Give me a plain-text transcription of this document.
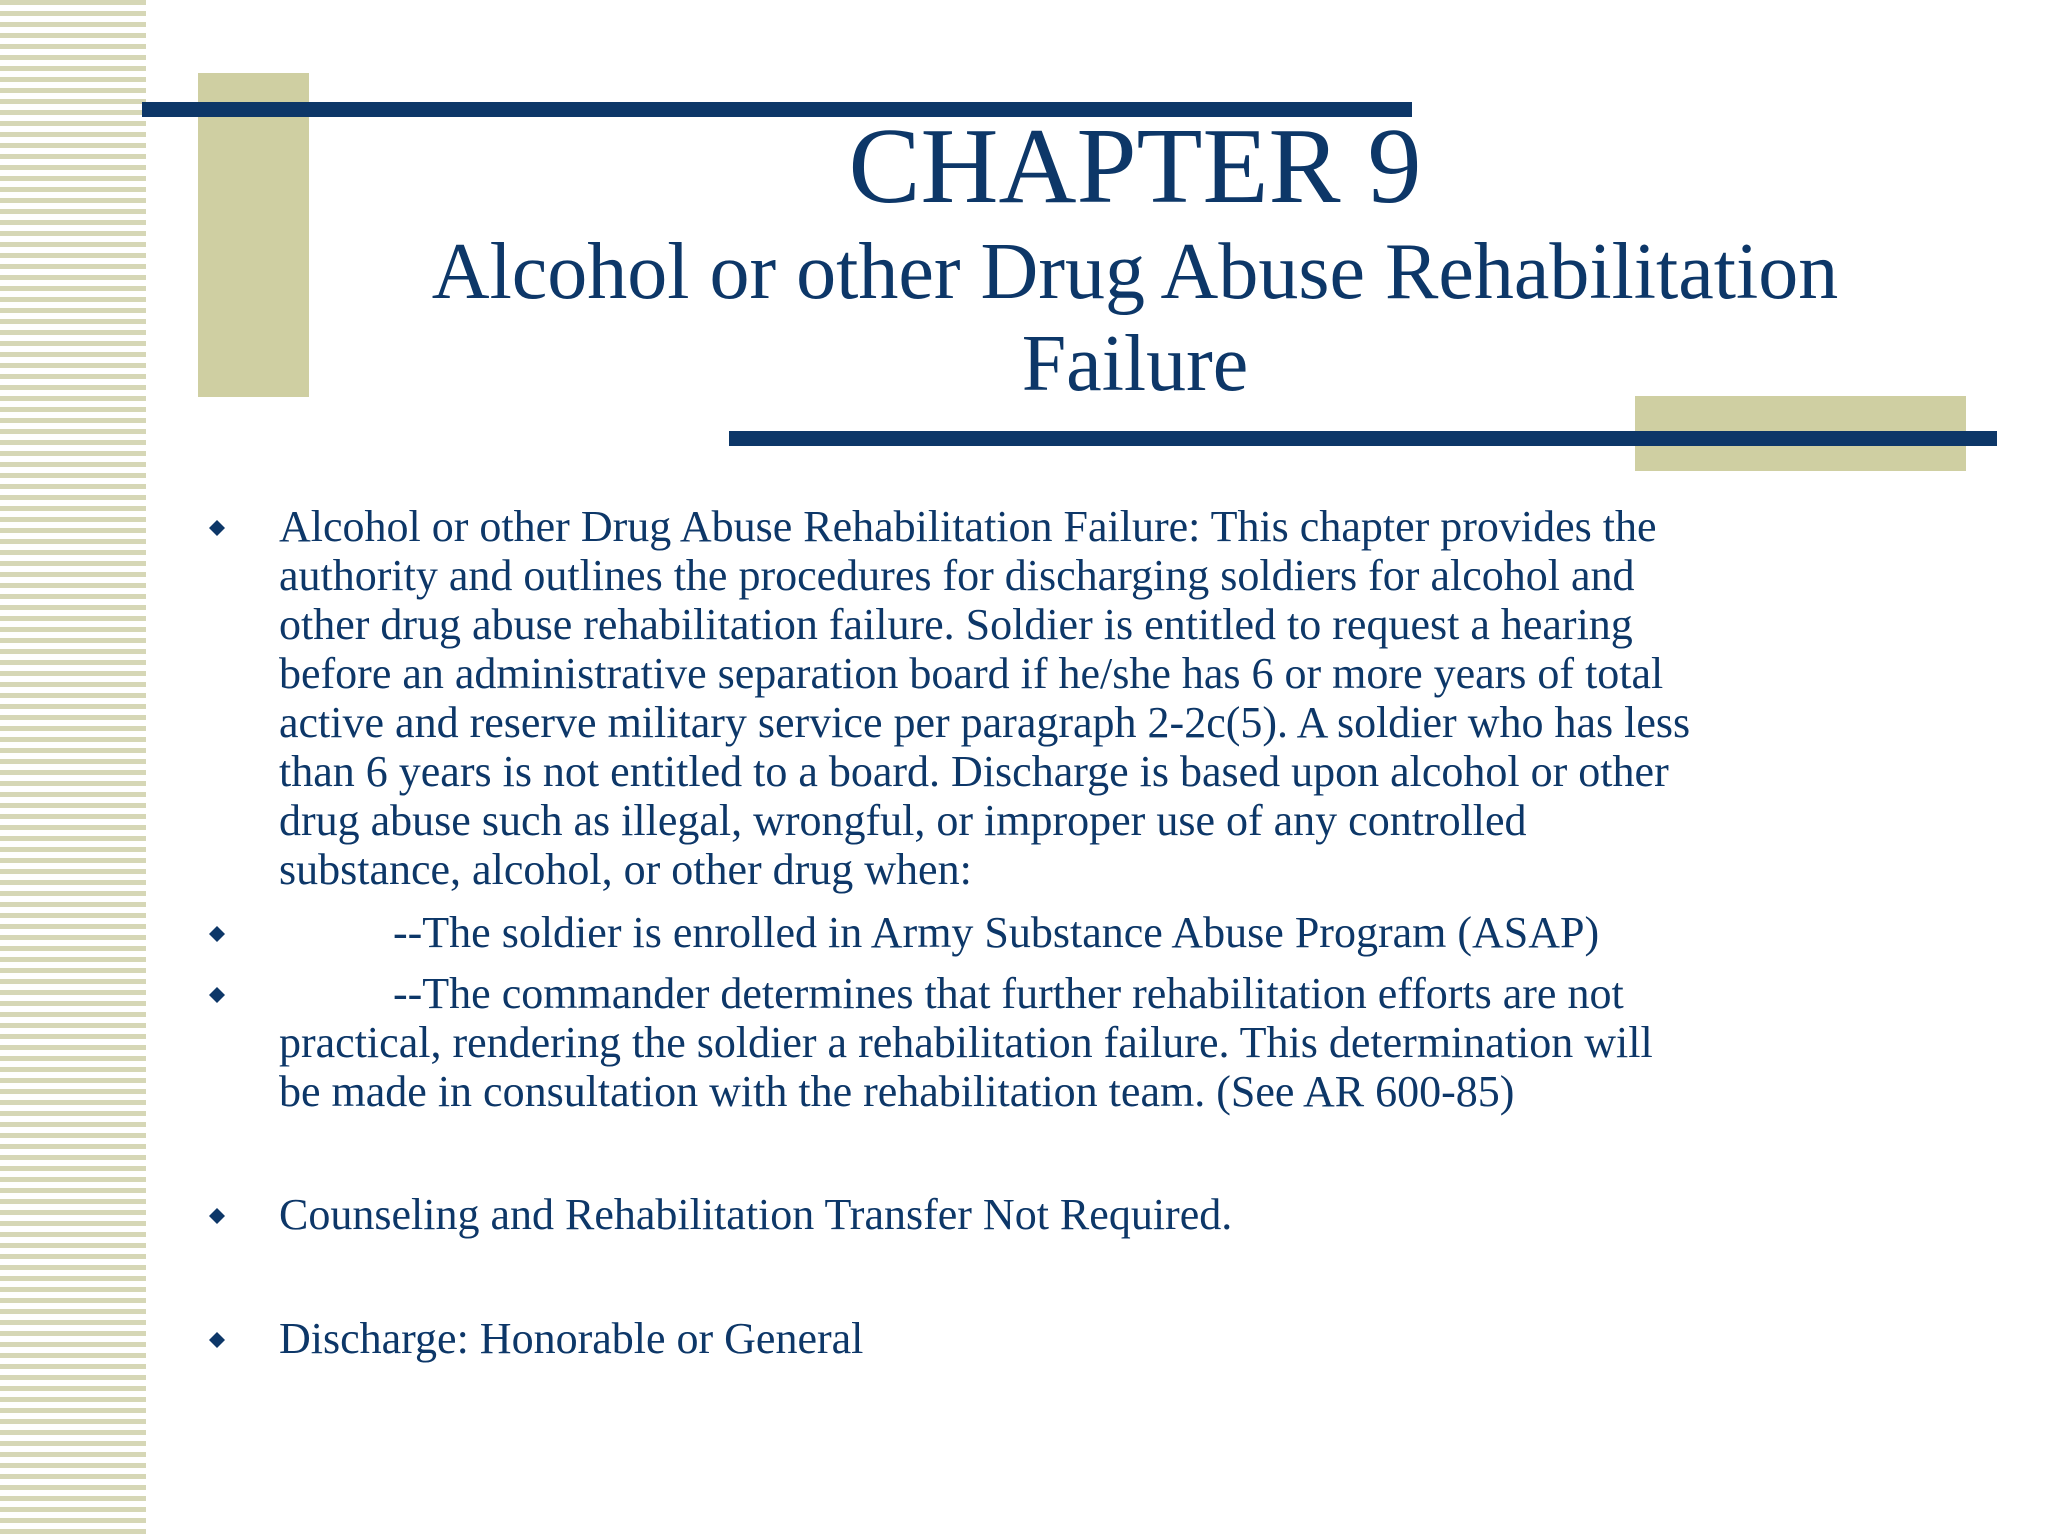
CHAPTER 9
Alcohol or other Drug Abuse Rehabilitation
Failure
Alcohol or other Drug Abuse Rehabilitation Failure: This chapter provides the
authority and outlines the procedures for discharging soldiers for alcohol and
other drug abuse rehabilitation failure. Soldier is entitled to request a hearing
before an administrative separation board if he/she has 6 or more years of total
active and reserve military service per paragraph 2-2c(5). A soldier who has less
than 6 years is not entitled to a board. Discharge is based upon alcohol or other
drug abuse such as illegal, wrongful, or improper use of any controlled
substance, alcohol, or other drug when:
--The soldier is enrolled in Army Substance Abuse Program (ASAP)
--The commander determines that further rehabilitation efforts are not
practical, rendering the soldier a rehabilitation failure. This determination will
be made in consultation with the rehabilitation team. (See AR 600-85)
Counseling and Rehabilitation Transfer Not Required.
Discharge: Honorable or General
